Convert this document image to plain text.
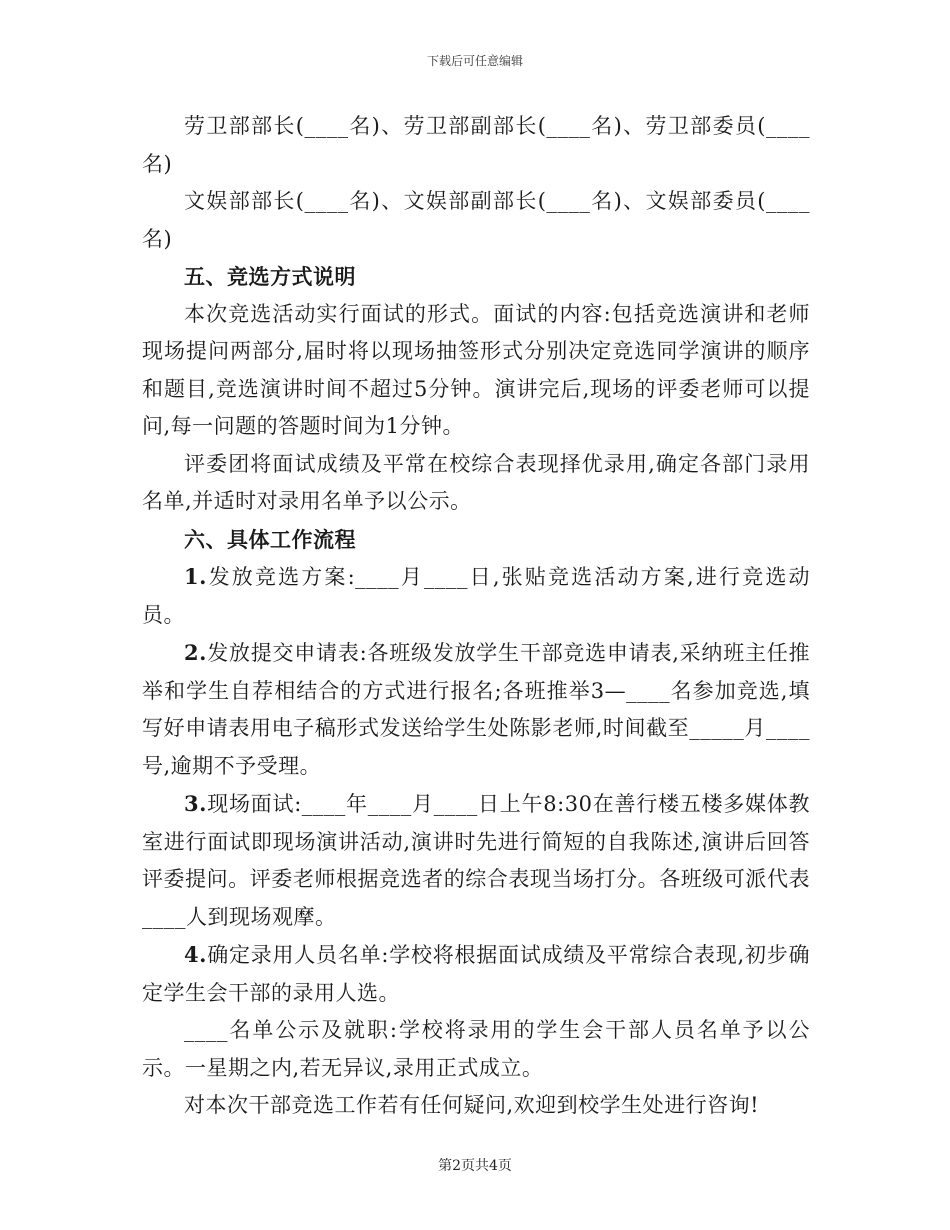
下载后可任意编辑

劳卫部部长(____名)、劳卫部副部长(____名)、劳卫部委员(____名)

文娱部部长(____名)、文娱部副部长(____名)、文娱部委员(____名)

五、竞选方式说明

本次竞选活动实行面试的形式。面试的内容:包括竞选演讲和老师现场提问两部分,届时将以现场抽签形式分别决定竞选同学演讲的顺序和题目,竞选演讲时间不超过5分钟。演讲完后,现场的评委老师可以提问,每一问题的答题时间为1分钟。

评委团将面试成绩及平常在校综合表现择优录用,确定各部门录用名单,并适时对录用名单予以公示。

六、具体工作流程

1.发放竞选方案:____月____日,张贴竞选活动方案,进行竞选动员。

2.发放提交申请表:各班级发放学生干部竞选申请表,采纳班主任推举和学生自荐相结合的方式进行报名;各班推举3—____名参加竞选,填写好申请表用电子稿形式发送给学生处陈影老师,时间截至_____月____号,逾期不予受理。

3.现场面试:____年____月____日上午8:30在善行楼五楼多媒体教室进行面试即现场演讲活动,演讲时先进行简短的自我陈述,演讲后回答评委提问。评委老师根据竞选者的综合表现当场打分。各班级可派代表____人到现场观摩。

4.确定录用人员名单:学校将根据面试成绩及平常综合表现,初步确定学生会干部的录用人选。

____名单公示及就职:学校将录用的学生会干部人员名单予以公示。一星期之内,若无异议,录用正式成立。

对本次干部竞选工作若有任何疑问,欢迎到校学生处进行咨询!

第2页共4页
